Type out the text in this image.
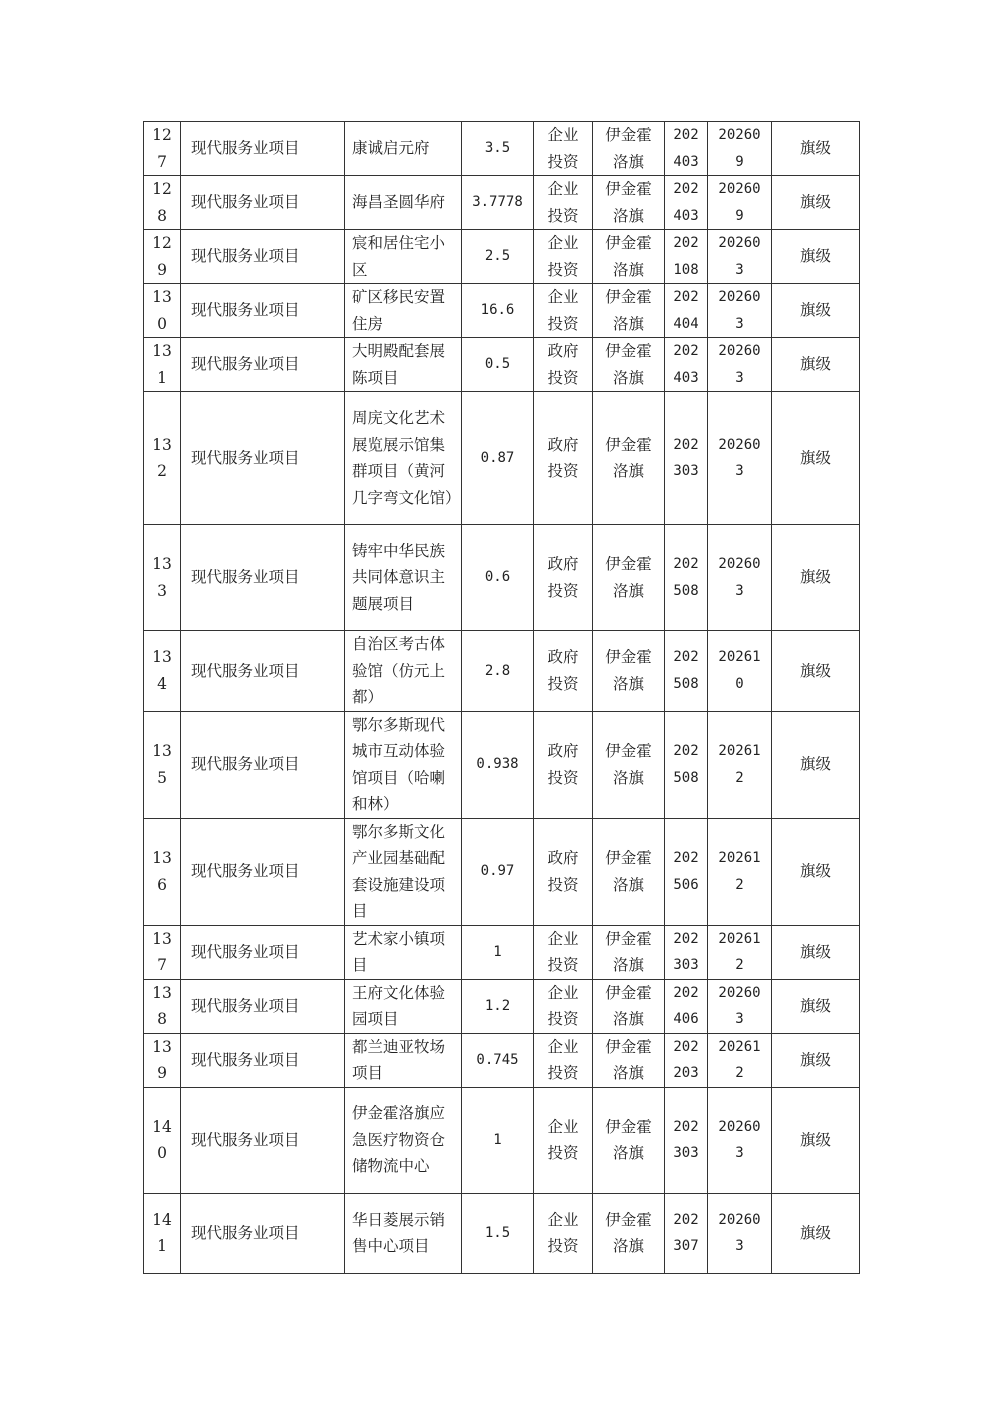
127	现代服务业项目	康诚启元府	3.5	企业投资	伊金霍洛旗	202403	202609	旗级
128	现代服务业项目	海昌圣圆华府	3.7778	企业投资	伊金霍洛旗	202403	202609	旗级
129	现代服务业项目	宸和居住宅小区	2.5	企业投资	伊金霍洛旗	202108	202603	旗级
130	现代服务业项目	矿区移民安置住房	16.6	企业投资	伊金霍洛旗	202404	202603	旗级
131	现代服务业项目	大明殿配套展陈项目	0.5	政府投资	伊金霍洛旗	202403	202603	旗级
132	现代服务业项目	周庑文化艺术展览展示馆集群项目（黄河几字弯文化馆）	0.87	政府投资	伊金霍洛旗	202303	202603	旗级
133	现代服务业项目	铸牢中华民族共同体意识主题展项目	0.6	政府投资	伊金霍洛旗	202508	202603	旗级
134	现代服务业项目	自治区考古体验馆（仿元上都）	2.8	政府投资	伊金霍洛旗	202508	202610	旗级
135	现代服务业项目	鄂尔多斯现代城市互动体验馆项目（哈喇和林）	0.938	政府投资	伊金霍洛旗	202508	202612	旗级
136	现代服务业项目	鄂尔多斯文化产业园基础配套设施建设项目	0.97	政府投资	伊金霍洛旗	202506	202612	旗级
137	现代服务业项目	艺术家小镇项目	1	企业投资	伊金霍洛旗	202303	202612	旗级
138	现代服务业项目	王府文化体验园项目	1.2	企业投资	伊金霍洛旗	202406	202603	旗级
139	现代服务业项目	都兰迪亚牧场项目	0.745	企业投资	伊金霍洛旗	202203	202612	旗级
140	现代服务业项目	伊金霍洛旗应急医疗物资仓储物流中心	1	企业投资	伊金霍洛旗	202303	202603	旗级
141	现代服务业项目	华日菱展示销售中心项目	1.5	企业投资	伊金霍洛旗	202307	202603	旗级
